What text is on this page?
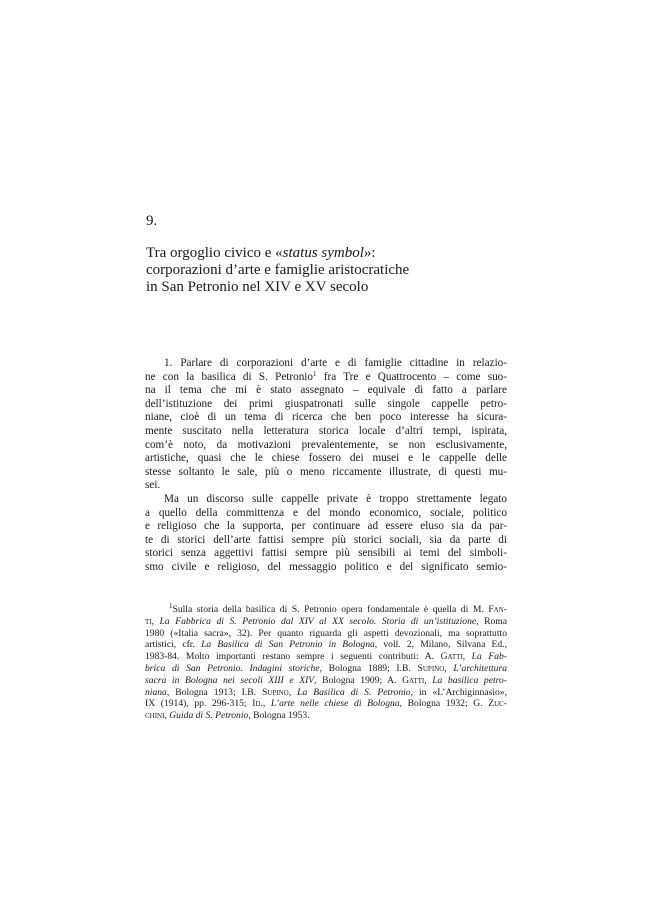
9.
Tra orgoglio civico e «status symbol»:
corporazioni d’arte e famiglie aristocratiche
in San Petronio nel XIV e XV secolo

1. Parlare di corporazioni d’arte e di famiglie cittadine in relazio-
ne con la basilica di S. Petronio$^1$ fra Tre e Quattrocento – come suo-
na il tema che mi è stato assegnato – equivale di fatto a parlare
dell’istituzione dei primi giuspatronati sulle singole cappelle petro-
niane, cioè di un tema di ricerca che ben poco interesse ha sicura-
mente suscitato nella letteratura storica locale d’altri tempi, ispirata,
com’è noto, da motivazioni prevalentemente, se non esclusivamente,
artistiche, quasi che le chiese fossero dei musei e le cappelle delle
stesse soltanto le sale, più o meno riccamente illustrate, di questi mu-
sei.

Ma un discorso sulle cappelle private è troppo strettamente legato
a quello della committenza e del mondo economico, sociale, politico
e religioso che la supporta, per continuare ad essere eluso sia da par-
te di storici dell’arte fattisi sempre più storici sociali, sia da parte di
storici senza aggettivi fattisi sempre più sensibili ai temi del simboli-
smo civile e religioso, del messaggio politico e del significato semio-

$^1$Sulla storia della basilica di S. Petronio opera fondamentale è quella di M. Fan-
ti, La Fabbrica di S. Petronio dal XIV al XX secolo. Storia di un’istituzione, Roma
1980 («Italia sacra», 32). Per quanto riguarda gli aspetti devozionali, ma soprattutto
artistici, cfr. La Basilica di San Petronio in Bologna, voll. 2, Milano, Silvana Ed.,
1983-84. Molto importanti restano sempre i seguenti contributi: A. Gatti, La Fab-
brica di San Petronio. Indagini storiche, Bologna 1889; I.B. Supino, L’architettura
sacra in Bologna nei secoli XIII e XIV, Bologna 1909; A. Gatti, La basilica petro-
niana, Bologna 1913; I.B. Supino, La Basilica di S. Petronio, in «L’Archiginnasio»,
IX (1914), pp. 296-315; Id., L’arte nelle chiese di Bologna, Bologna 1932; G. Zuc-
chini, Guida di S. Petronio, Bologna 1953.
